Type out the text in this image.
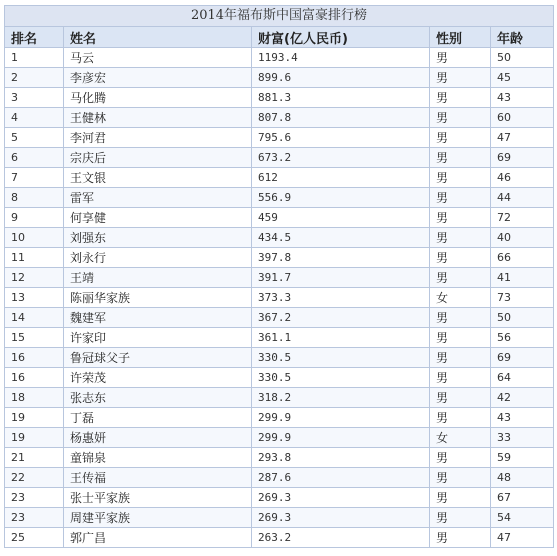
2014年福布斯中国富豪排行榜
排名	姓名	财富(亿人民币)	性别	年龄
1	马云	1193.4	男	50
2	李彦宏	899.6	男	45
3	马化腾	881.3	男	43
4	王健林	807.8	男	60
5	李河君	795.6	男	47
6	宗庆后	673.2	男	69
7	王文银	612	男	46
8	雷军	556.9	男	44
9	何享健	459	男	72
10	刘强东	434.5	男	40
11	刘永行	397.8	男	66
12	王靖	391.7	男	41
13	陈丽华家族	373.3	女	73
14	魏建军	367.2	男	50
15	许家印	361.1	男	56
16	鲁冠球父子	330.5	男	69
16	许荣茂	330.5	男	64
18	张志东	318.2	男	42
19	丁磊	299.9	男	43
19	杨惠妍	299.9	女	33
21	童锦泉	293.8	男	59
22	王传福	287.6	男	48
23	张士平家族	269.3	男	67
23	周建平家族	269.3	男	54
25	郭广昌	263.2	男	47
